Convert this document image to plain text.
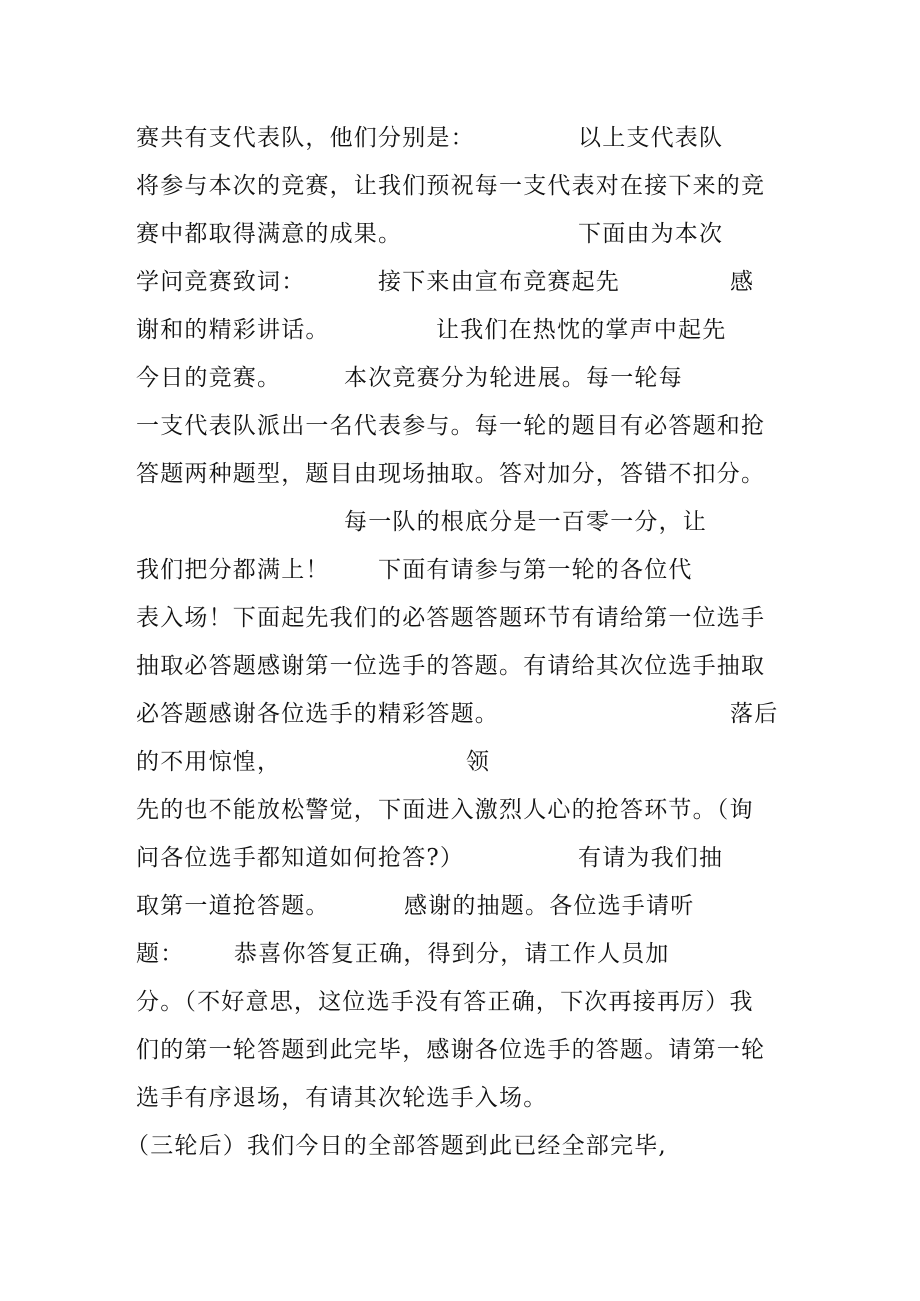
赛共有支代表队，他们分别是：	以上支代表队
将参与本次的竞赛，让我们预祝每一支代表对在接下来的竞
赛中都取得满意的成果。	下面由为本次
学问竞赛致词：	接下来由宣布竞赛起先	感
谢和的精彩讲话。	让我们在热忱的掌声中起先
今日的竞赛。	本次竞赛分为轮进展。每一轮每
一支代表队派出一名代表参与。每一轮的题目有必答题和抢
答题两种题型，题目由现场抽取。答对加分，答错不扣分。
每一队的根底分是一百零一分，让
我们把分都满上！ 下面有请参与第一轮的各位代
表入场！下面起先我们的必答题答题环节有请给第一位选手
抽取必答题感谢第一位选手的答题。有请给其次位选手抽取
必答题感谢各位选手的精彩答题。	落后
的不用惊惶，	领
先的也不能放松警觉，下面进入激烈人心的抢答环节。（询
问各位选手都知道如何抢答?）	有请为我们抽
取第一道抢答题。	感谢的抽题。各位选手请听
题： 恭喜你答复正确，得到分，请工作人员加
分。（不好意思，这位选手没有答正确，下次再接再厉）我
们的第一轮答题到此完毕，感谢各位选手的答题。请第一轮
选手有序退场，有请其次轮选手入场。
（三轮后）我们今日的全部答题到此已经全部完毕,
